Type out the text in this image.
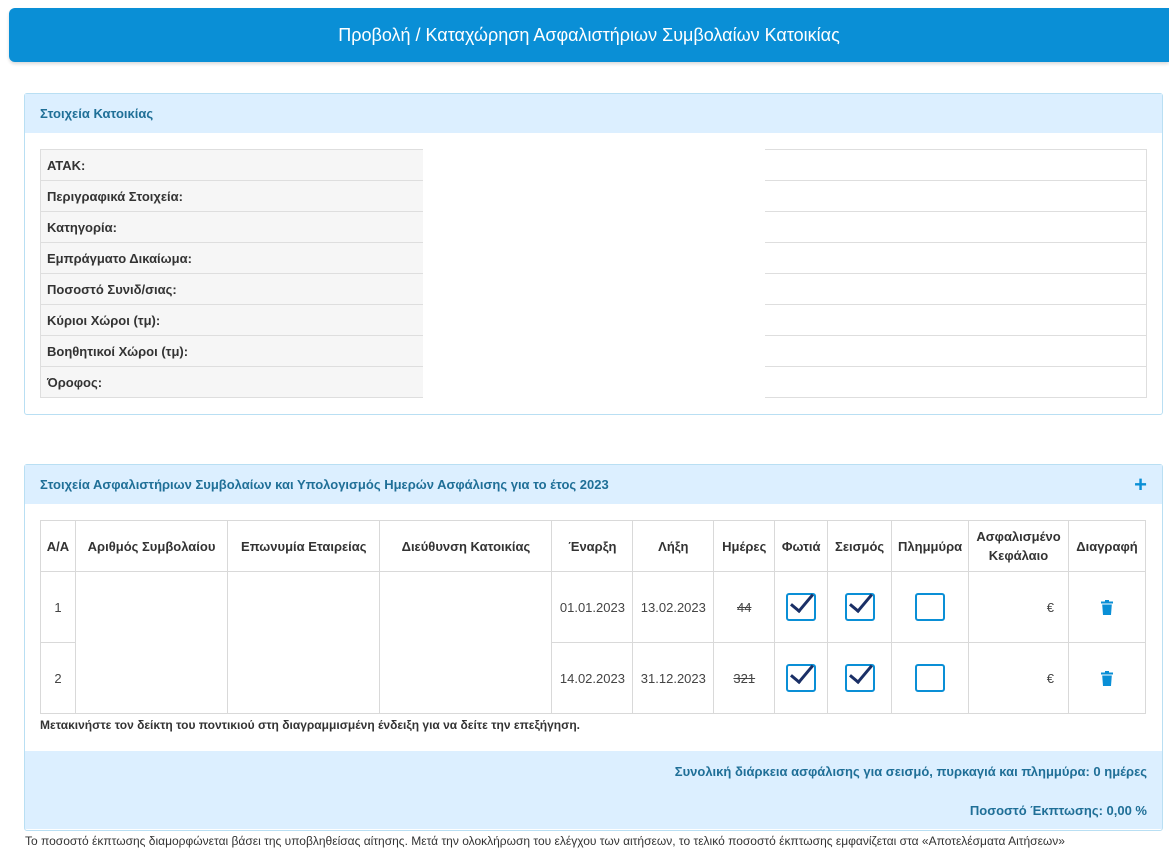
Προβολή / Καταχώρηση Ασφαλιστήριων Συμβολαίων Κατοικίας
Στοιχεία Κατοικίας
ΑΤΑΚ:		
Περιγραφικά Στοιχεία:		
Κατηγορία:		
Εμπράγματο Δικαίωμα:		
Ποσοστό Συνιδ/σιας:		
Κύριοι Χώροι (τμ):		
Βοηθητικοί Χώροι (τμ):		
Όροφος:		
Στοιχεία Ασφαλιστήριων Συμβολαίων και Υπολογισμός Ημερών Ασφάλισης για το έτος 2023	+
Α/Α	Αριθμός Συμβολαίου	Επωνυμία Εταιρείας	Διεύθυνση Κατοικίας	Έναρξη	Λήξη	Ημέρες	Φωτιά	Σεισμός	Πλημμύρα	Ασφαλισμένο Κεφάλαιο	Διαγραφή
1				01.01.2023	13.02.2023	44				€	
2				14.02.2023	31.12.2023	321				€	
Μετακινήστε τον δείκτη του ποντικιού στη διαγραμμισμένη ένδειξη για να δείτε την επεξήγηση.
Συνολική διάρκεια ασφάλισης για σεισμό, πυρκαγιά και πλημμύρα: 0 ημέρες
Ποσοστό Έκπτωσης: 0,00 %
Το ποσοστό έκπτωσης διαμορφώνεται βάσει της υποβληθείσας αίτησης. Μετά την ολοκλήρωση του ελέγχου των αιτήσεων, το τελικό ποσοστό έκπτωσης εμφανίζεται στα «Αποτελέσματα Αιτήσεων»
